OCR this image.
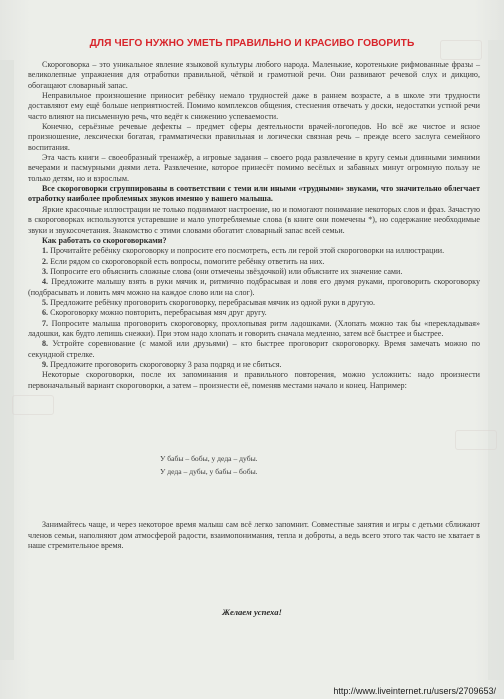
ДЛЯ ЧЕГО НУЖНО УМЕТЬ ПРАВИЛЬНО И КРАСИВО ГОВОРИТЬ

Скороговорка – это уникальное явление языковой культуры любого народа. Маленькие, коротенькие рифмованные фразы – великолепные упражнения для отработки правильной, чёткой и грамотной речи. Они развивают речевой слух и дикцию, обогащают словарный запас.

Неправильное произношение приносит ребёнку немало трудностей даже в раннем возрасте, а в школе эти трудности доставляют ему ещё больше неприятностей. Помимо комплексов общения, стеснения отвечать у доски, недостатки устной речи часто влияют на письменную речь, что ведёт к снижению успеваемости.

Конечно, серьёзные речевые дефекты – предмет сферы деятельности врачей-логопедов. Но всё же чистое и ясное произношение, лексически богатая, грамматически правильная и логически связная речь – прежде всего заслуга семейного воспитания.

Эта часть книги – своеобразный тренажёр, а игровые задания – своего рода развлечение в кругу семьи длинными зимними вечерами и пасмурными днями лета. Развлечение, которое принесёт помимо весёлых и забавных минут огромную пользу не только детям, но и взрослым.

Все скороговорки сгруппированы в соответствии с теми или иными «трудными» звуками, что значительно облегчает отработку наиболее проблемных звуков именно у вашего малыша.

Яркие красочные иллюстрации не только поднимают настроение, но и помогают понимание некоторых слов и фраз. Зачастую в скороговорках используются устаревшие и мало употребляемые слова (в книге они помечены *), но содержание необходимые звуки и звукосочетания. Знакомство с этими словами обогатит словарный запас всей семьи.

Как работать со скороговорками?

1. Прочитайте ребёнку скороговорку и попросите его посмотреть, есть ли герой этой скороговорки на иллюстрации.

2. Если рядом со скороговоркой есть вопросы, помогите ребёнку ответить на них.

3. Попросите его объяснить сложные слова (они отмечены звёздочкой) или объясните их значение сами.

4. Предложите малышу взять в руки мячик и, ритмично подбрасывая и ловя его двумя руками, проговорить скороговорку (подбрасывать и ловить мяч можно на каждое слово или на слог).

5. Предложите ребёнку проговорить скороговорку, перебрасывая мячик из одной руки в другую.

6. Скороговорку можно повторить, перебрасывая мяч друг другу.

7. Попросите малыша проговорить скороговорку, прохлопывая ритм ладошками. (Хлопать можно так бы «перекладывая» ладошки, как будто лепишь снежки). При этом надо хлопать и говорить сначала медленно, затем всё быстрее и быстрее.

8. Устройте соревнование (с мамой или друзьями) – кто быстрее проговорит скороговорку. Время замечать можно по секундной стрелке.

9. Предложите проговорить скороговорку 3 раза подряд и не сбиться.

Некоторые скороговорки, после их запоминания и правильного повторения, можно усложнить: надо произнести первоначальный вариант скороговорки, а затем – произнести её, поменяв местами начало и конец. Например:

У бабы – бобы, у деда – дубы.
У деда – дубы, у бабы – бобы.

Занимайтесь чаще, и через некоторое время малыш сам всё легко запомнит. Совместные занятия и игры с детьми сближают членов семьи, наполняют дом атмосферой радости, взаимопонимания, тепла и доброты, а ведь всего этого так часто не хватает в наше стремительное время.

Желаем успеха!
http://www.liveinternet.ru/users/2709653/
